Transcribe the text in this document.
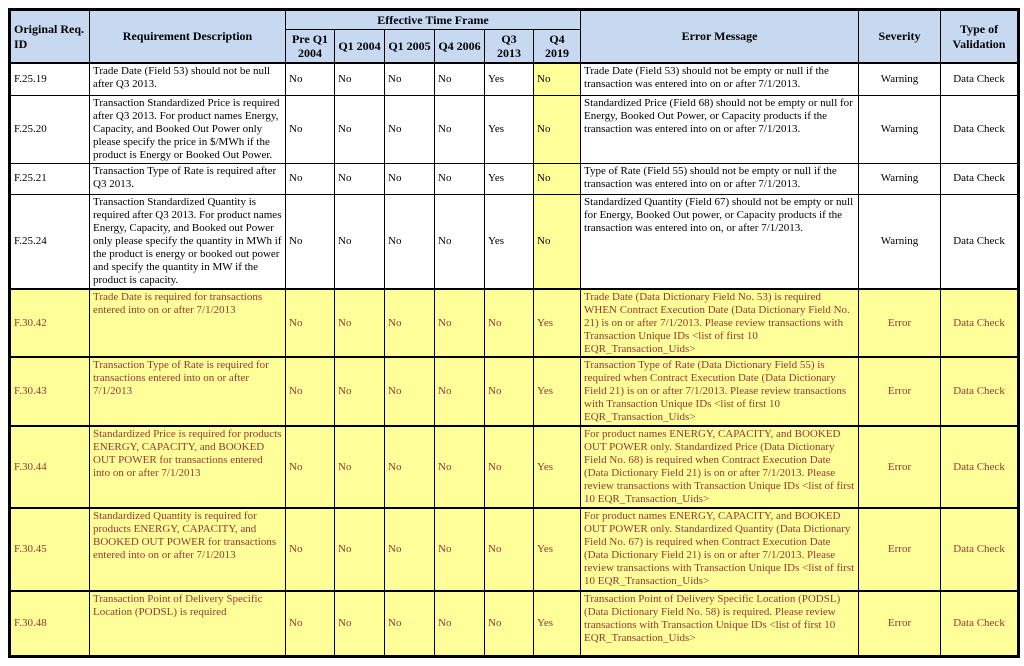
Original Req. ID	Requirement Description	Effective Time Frame						Error Message	Severity	Type of Validation
		Pre Q1 2004	Q1 2004	Q1 2005	Q4 2006	Q3 2013	Q4 2019			
F.25.19	Trade Date (Field 53) should not be null after Q3 2013.	No	No	No	No	Yes	No	Trade Date (Field 53) should not be empty or null if the transaction was entered into on or after 7/1/2013.	Warning	Data Check
F.25.20	Transaction Standardized Price is required after Q3 2013. For product names Energy, Capacity, and Booked Out Power only please specify the price in $/MWh if the product is Energy or Booked Out Power.	No	No	No	No	Yes	No	Standardized Price (Field 68) should not be empty or null for Energy, Booked Out Power, or Capacity products if the transaction was entered into on or after 7/1/2013.	Warning	Data Check
F.25.21	Transaction Type of Rate is required after Q3 2013.	No	No	No	No	Yes	No	Type of Rate (Field 55) should not be empty or null if the transaction was entered into on or after 7/1/2013.	Warning	Data Check
F.25.24	Transaction Standardized Quantity is required after Q3 2013. For product names Energy, Capacity, and Booked out Power only please specify the quantity in MWh if the product is energy or booked out power and specify the quantity in MW if the product is capacity.	No	No	No	No	Yes	No	Standardized Quantity (Field 67) should not be empty or null for Energy, Booked Out power, or Capacity products if the transaction was entered into on, or after 7/1/2013.	Warning	Data Check
F.30.42	Trade Date is required for transactions entered into on or after 7/1/2013	No	No	No	No	No	Yes	Trade Date (Data Dictionary Field No. 53) is required WHEN Contract Execution Date (Data Dictionary Field No. 21) is on or after 7/1/2013. Please review transactions with Transaction Unique IDs <list of first 10 EQR_Transaction_Uids>	Error	Data Check
F.30.43	Transaction Type of Rate is required for transactions entered into on or after 7/1/2013	No	No	No	No	No	Yes	Transaction Type of Rate (Data Dictionary Field 55) is required when Contract Execution Date (Data Dictionary Field 21) is on or after 7/1/2013. Please review transactions with Transaction Unique IDs <list of first 10 EQR_Transaction_Uids>	Error	Data Check
F.30.44	Standardized Price is required for products ENERGY, CAPACITY, and BOOKED OUT POWER for transactions entered into on or after 7/1/2013	No	No	No	No	No	Yes	For product names ENERGY, CAPACITY, and BOOKED OUT POWER only. Standardized Price (Data Dictionary Field No. 68) is required when Contract Execution Date (Data Dictionary Field 21) is on or after 7/1/2013. Please review transactions with Transaction Unique IDs <list of first 10 EQR_Transaction_Uids>	Error	Data Check
F.30.45	Standardized Quantity is required for products ENERGY, CAPACITY, and BOOKED OUT POWER for transactions entered into on or after 7/1/2013	No	No	No	No	No	Yes	For product names ENERGY, CAPACITY, and BOOKED OUT POWER only. Standardized Quantity (Data Dictionary Field No. 67) is required when Contract Execution Date (Data Dictionary Field 21) is on or after 7/1/2013. Please review transactions with Transaction Unique IDs <list of first 10 EQR_Transaction_Uids>	Error	Data Check
F.30.48	Transaction Point of Delivery Specific Location (PODSL) is required	No	No	No	No	No	Yes	Transaction Point of Delivery Specific Location (PODSL) (Data Dictionary Field No. 58) is required. Please review transactions with Transaction Unique IDs <list of first 10 EQR_Transaction_Uids>	Error	Data Check
